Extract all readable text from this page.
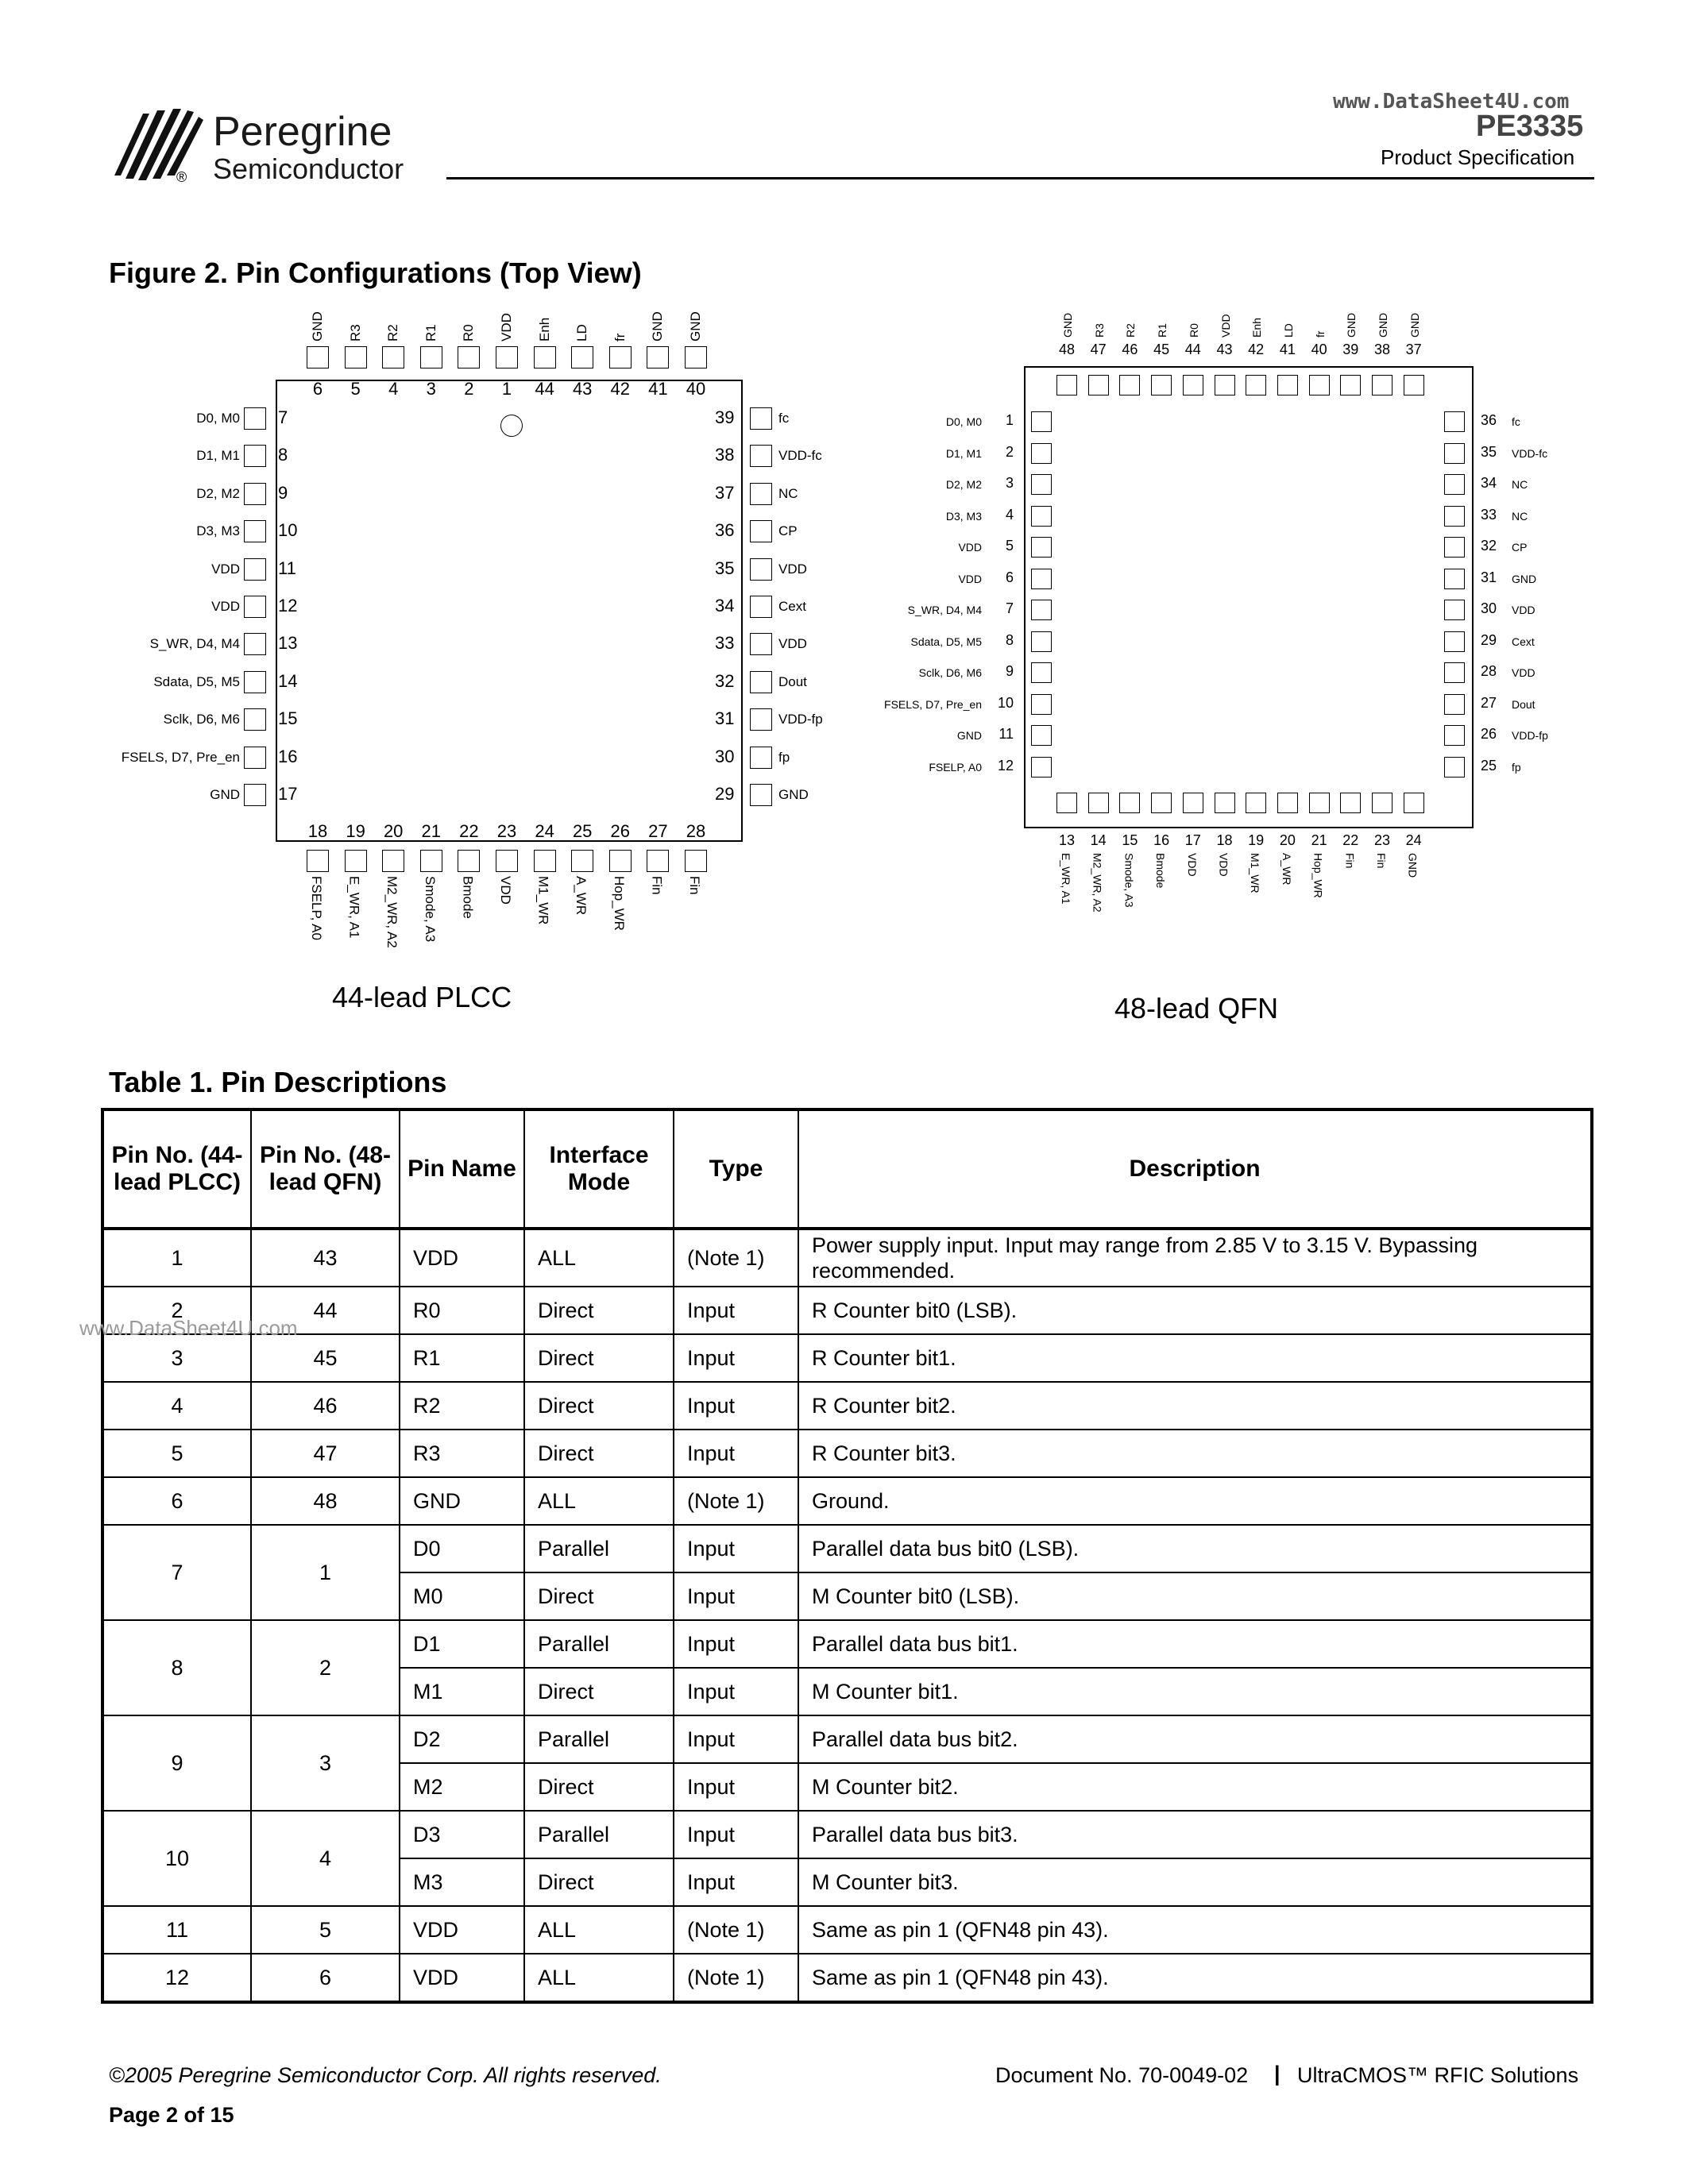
Peregrine
Semiconductor
®
www.DataSheet4U.com
PE3335
Product Specification
Figure 2. Pin Configurations (Top View)
6
GND
18
FSELP, A0
5
R3
19
E_WR, A1
4
R2
20
M2_WR, A2
3
R1
21
Smode, A3
2
R0
22
Bmode
1
VDD
23
VDD
44
Enh
24
M1_WR
43
LD
25
A_WR
42
fr
26
Hop_WR
41
GND
27
Fin
40
GND
28
Fin
7
D0, M0	39	fc
8
D1, M1	38	VDD-fc
9
D2, M2	37	NC
10
D3, M3	36	CP
11
VDD	35	VDD
12
VDD	34	Cext
13
S_WR, D4, M4	33	VDD
14
Sdata, D5, M5	32	Dout
15
Sclk, D6, M6	31	VDD-fp
16
FSELS, D7, Pre_en	30	fp
17
GND	29	GND
44-lead PLCC
48
GND
13
E_WR, A1
47
R3
14
M2_WR, A2
46
R2
15
Smode, A3
45
R1
16
Bmode
44
R0
17
VDD
43
VDD
18
VDD
42
Enh
19
M1_WR
41
LD
20
A_WR
40
fr
21
Hop_WR
39
GND
22
Fin
38
GND
23
Fin
37
GND
24
GND
1
D0, M0	36 fc
2
D1, M1	35 VDD-fc
3
D2, M2	34 NC
4
D3, M3	33 NC
5
VDD	32 CP
6
VDD	31 GND
7
S_WR, D4, M4	30 VDD
8
Sdata, D5, M5	29 Cext
9
Sclk, D6, M6	28 VDD
10
FSELS, D7, Pre_en	27 Dout
11
GND	26 VDD-fp
12
FSELP, A0	25 fp
48-lead QFN
Table 1. Pin Descriptions
Pin No. (44-lead PLCC)	Pin No. (48-lead QFN)	Pin Name	Interface Mode	Type	Description
1	43	VDD	ALL	(Note 1)	Power supply input. Input may range from 2.85 V to 3.15 V. Bypassing recommended.
2	44	R0	Direct	Input	R Counter bit0 (LSB).
3	45	R1	Direct	Input	R Counter bit1.
4	46	R2	Direct	Input	R Counter bit2.
5	47	R3	Direct	Input	R Counter bit3.
6	48	GND	ALL	(Note 1)	Ground.
7	1	D0	Parallel	Input	Parallel data bus bit0 (LSB).
		M0	Direct	Input	M Counter bit0 (LSB).
8	2	D1	Parallel	Input	Parallel data bus bit1.
		M1	Direct	Input	M Counter bit1.
9	3	D2	Parallel	Input	Parallel data bus bit2.
		M2	Direct	Input	M Counter bit2.
10	4	D3	Parallel	Input	Parallel data bus bit3.
		M3	Direct	Input	M Counter bit3.
11	5	VDD	ALL	(Note 1)	Same as pin 1 (QFN48 pin 43).
12	6	VDD	ALL	(Note 1)	Same as pin 1 (QFN48 pin 43).
www.DataSheet4U.com
©2005 Peregrine Semiconductor Corp. All rights reserved.	Document No. 70-0049-02 | UltraCMOS™ RFIC Solutions
Page 2 of 15
